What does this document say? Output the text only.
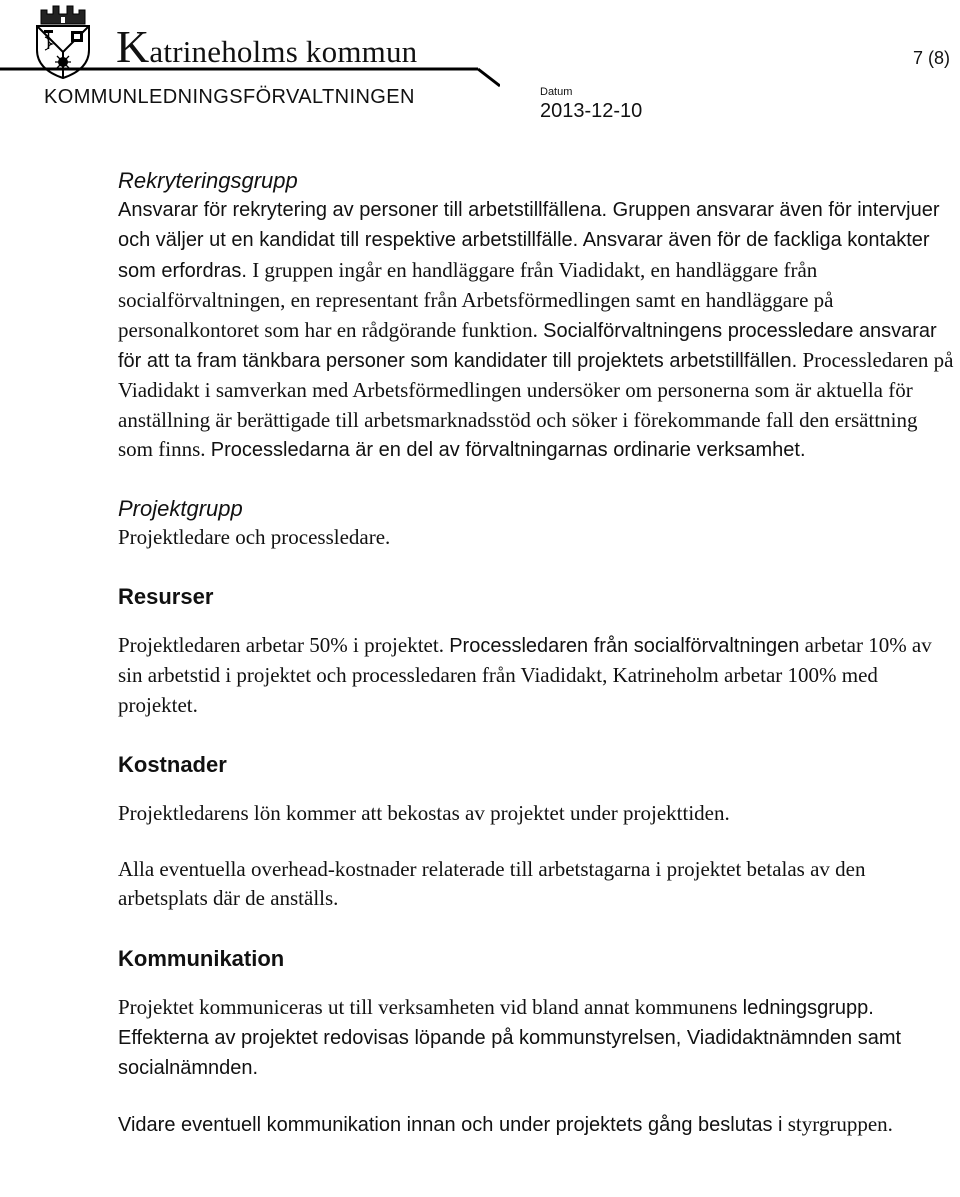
Katrineholms kommun	7 (8)
KOMMUNLEDNINGSFÖRVALTNINGEN	Datum
2013-12-10

Rekryteringsgrupp

Ansvarar för rekrytering av personer till arbetstillfällena. Gruppen ansvarar även för intervjuer och väljer ut en kandidat till respektive arbetstillfälle. Ansvarar även för de fackliga kontakter som erfordras. I gruppen ingår en handläggare från Viadidakt, en handläggare från socialförvaltningen, en representant från Arbetsförmedlingen samt en handläggare på personalkontoret som har en rådgörande funktion. Socialförvaltningens processledare ansvarar för att ta fram tänkbara personer som kandidater till projektets arbetstillfällen. Processledaren på Viadidakt i samverkan med Arbetsförmedlingen undersöker om personerna som är aktuella för anställning är berättigade till arbetsmarknadsstöd och söker i förekommande fall den ersättning som finns. Processledarna är en del av förvaltningarnas ordinarie verksamhet.

Projektgrupp

Projektledare och processledare.

Resurser

Projektledaren arbetar 50% i projektet. Processledaren från socialförvaltningen arbetar 10% av sin arbetstid i projektet och processledaren från Viadidakt, Katrineholm arbetar 100% med projektet.

Kostnader

Projektledarens lön kommer att bekostas av projektet under projekttiden.

Alla eventuella overhead-kostnader relaterade till arbetstagarna i projektet betalas av den arbetsplats där de anställs.

Kommunikation

Projektet kommuniceras ut till verksamheten vid bland annat kommunens ledningsgrupp. Effekterna av projektet redovisas löpande på kommunstyrelsen, Viadidaktnämnden samt socialnämnden.

Vidare eventuell kommunikation innan och under projektets gång beslutas i styrgruppen.
